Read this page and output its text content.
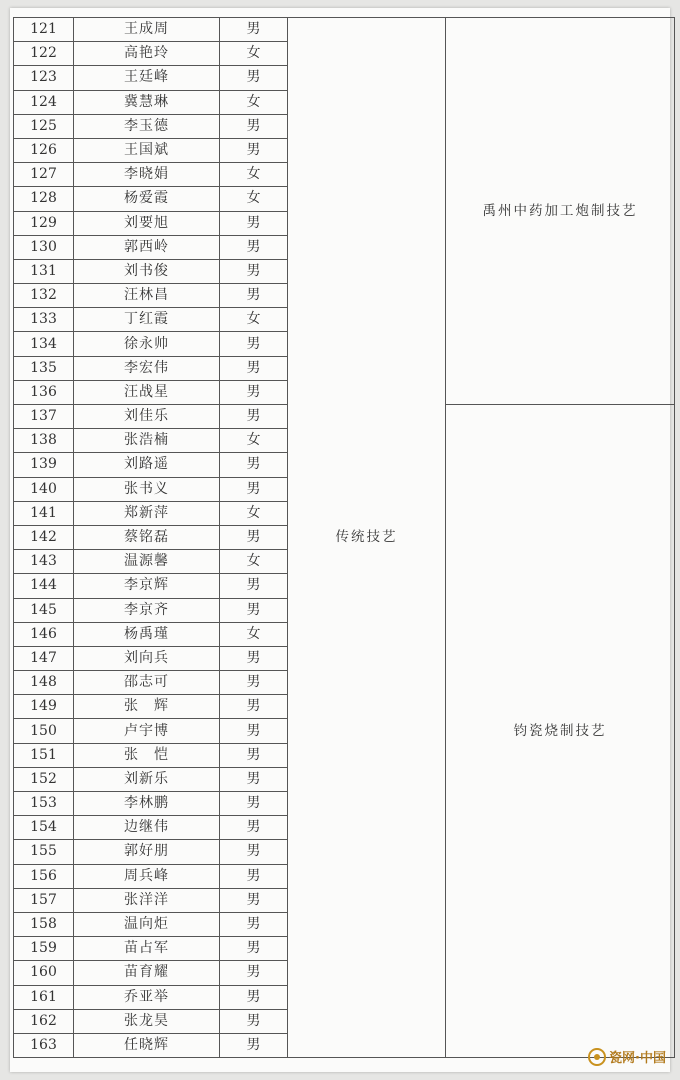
121	王成周	男	传统技艺	禹州中药加工炮制技艺
122	高艳玲	女		
123	王廷峰	男		
124	冀慧琳	女		
125	李玉德	男		
126	王国斌	男		
127	李晓娟	女		
128	杨爱霞	女		
129	刘要旭	男		
130	郭西岭	男		
131	刘书俊	男		
132	汪林昌	男		
133	丁红霞	女		
134	徐永帅	男		
135	李宏伟	男		
136	汪战星	男		
137	刘佳乐	男		钧瓷烧制技艺
138	张浩楠	女		
139	刘路遥	男		
140	张书义	男		
141	郑新萍	女		
142	蔡铭磊	男		
143	温源馨	女		
144	李京辉	男		
145	李京齐	男		
146	杨禹瑾	女		
147	刘向兵	男		
148	邵志可	男		
149	张　辉	男		
150	卢宇博	男		
151	张　恺	男		
152	刘新乐	男		
153	李林鹏	男		
154	边继伟	男		
155	郭好朋	男		
156	周兵峰	男		
157	张洋洋	男		
158	温向炬	男		
159	苗占军	男		
160	苗育耀	男		
161	乔亚举	男		
162	张龙昊	男		
163	任晓辉	男		
瓷网·中国
